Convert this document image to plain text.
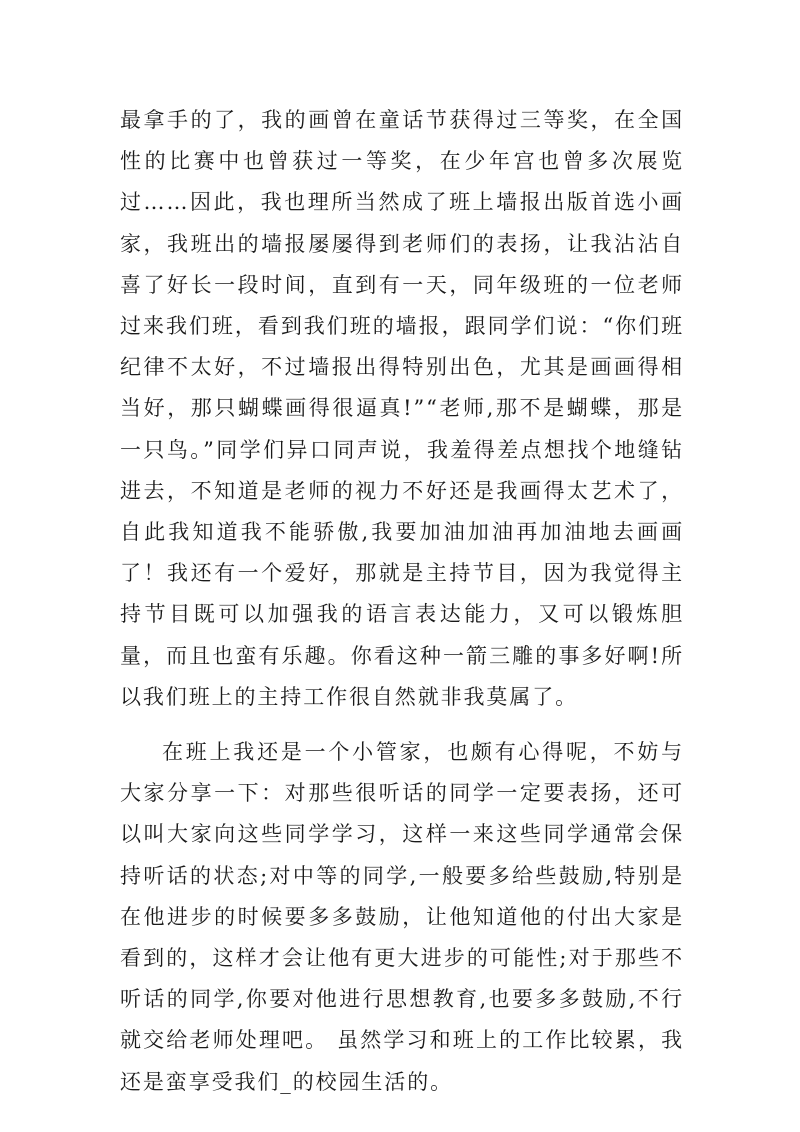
最拿手的了，我的画曾在童话节获得过三等奖，在全国性的比赛中也曾获过一等奖，在少年宫也曾多次展览过……因此，我也理所当然成了班上墙报出版首选小画家，我班出的墙报屡屡得到老师们的表扬，让我沾沾自喜了好长一段时间，直到有一天，同年级班的一位老师过来我们班，看到我们班的墙报，跟同学们说：“你们班纪律不太好，不过墙报出得特别出色，尤其是画画得相当好，那只蝴蝶画得很逼真!”“老师,那不是蝴蝶，那是一只鸟。”同学们异口同声说，我羞得差点想找个地缝钻进去，不知道是老师的视力不好还是我画得太艺术了，自此我知道我不能骄傲,我要加油加油再加油地去画画了！我还有一个爱好，那就是主持节目，因为我觉得主持节目既可以加强我的语言表达能力，又可以锻炼胆量，而且也蛮有乐趣。你看这种一箭三雕的事多好啊!所以我们班上的主持工作很自然就非我莫属了。

在班上我还是一个小管家，也颇有心得呢，不妨与大家分享一下：对那些很听话的同学一定要表扬，还可以叫大家向这些同学学习，这样一来这些同学通常会保持听话的状态;对中等的同学,一般要多给些鼓励,特别是在他进步的时候要多多鼓励，让他知道他的付出大家是看到的，这样才会让他有更大进步的可能性;对于那些不听话的同学,你要对他进行思想教育,也要多多鼓励,不行就交给老师处理吧。 虽然学习和班上的工作比较累，我还是蛮享受我们_的校园生活的。
